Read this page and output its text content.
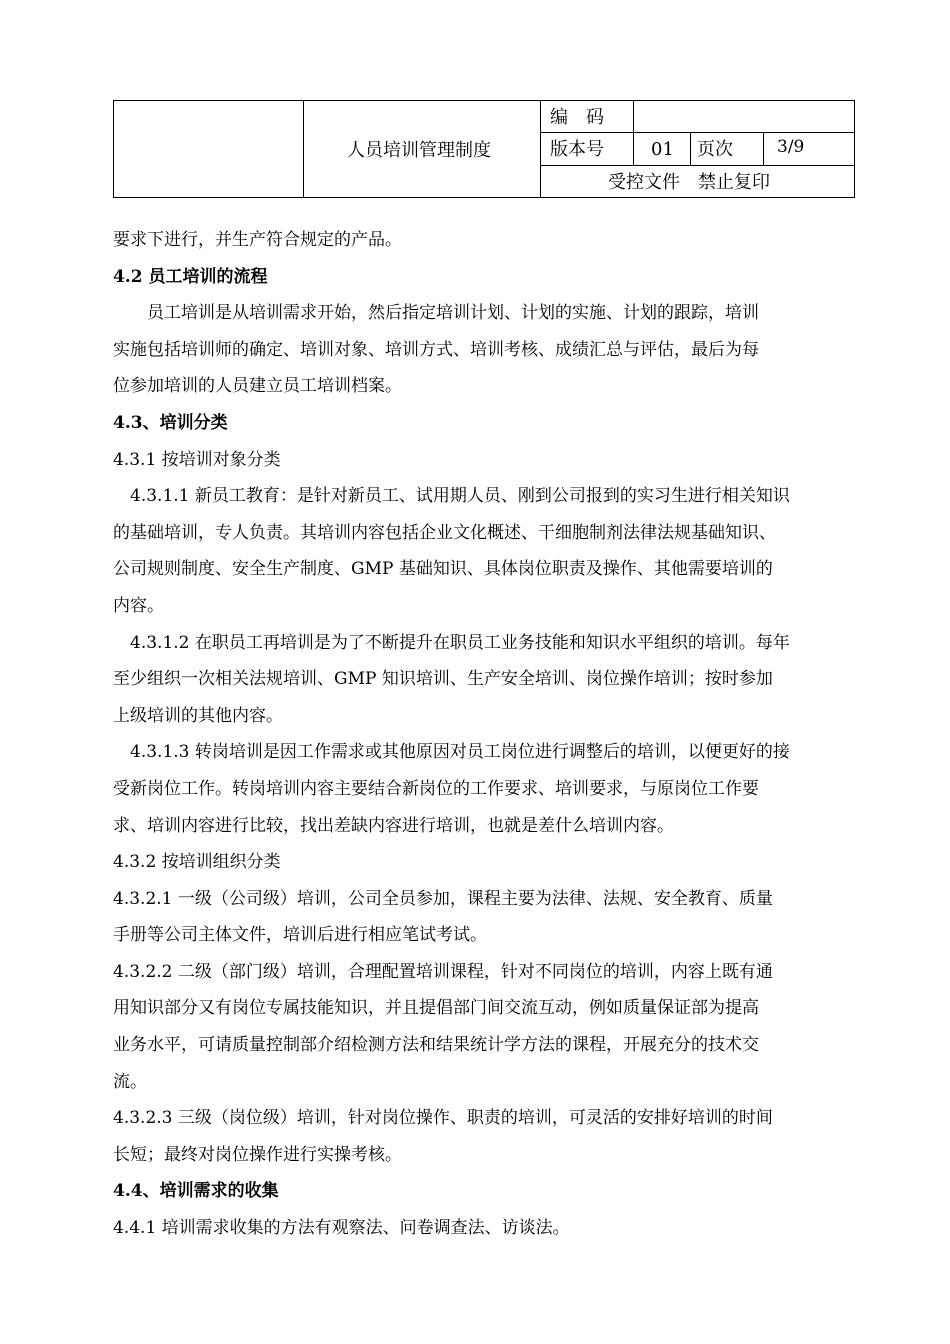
人员培训管理制度
编　码
版本号	01 页次	3/9
受控文件　禁止复印
要求下进行，并生产符合规定的产品。
4.2 员工培训的流程
　　员工培训是从培训需求开始，然后指定培训计划、计划的实施、计划的跟踪，培训
实施包括培训师的确定、培训对象、培训方式、培训考核、成绩汇总与评估，最后为每
位参加培训的人员建立员工培训档案。
4.3、培训分类
4.3.1 按培训对象分类
　4.3.1.1 新员工教育：是针对新员工、试用期人员、刚到公司报到的实习生进行相关知识
的基础培训，专人负责。其培训内容包括企业文化概述、干细胞制剂法律法规基础知识、
公司规则制度、安全生产制度、GMP 基础知识、具体岗位职责及操作、其他需要培训的
内容。
　4.3.1.2 在职员工再培训是为了不断提升在职员工业务技能和知识水平组织的培训。每年
至少组织一次相关法规培训、GMP 知识培训、生产安全培训、岗位操作培训；按时参加
上级培训的其他内容。
　4.3.1.3 转岗培训是因工作需求或其他原因对员工岗位进行调整后的培训，以便更好的接
受新岗位工作。转岗培训内容主要结合新岗位的工作要求、培训要求，与原岗位工作要
求、培训内容进行比较，找出差缺内容进行培训，也就是差什么培训内容。
4.3.2 按培训组织分类
4.3.2.1 一级（公司级）培训，公司全员参加，课程主要为法律、法规、安全教育、质量
手册等公司主体文件，培训后进行相应笔试考试。
4.3.2.2 二级（部门级）培训，合理配置培训课程，针对不同岗位的培训，内容上既有通
用知识部分又有岗位专属技能知识，并且提倡部门间交流互动，例如质量保证部为提高
业务水平，可请质量控制部介绍检测方法和结果统计学方法的课程，开展充分的技术交
流。
4.3.2.3 三级（岗位级）培训，针对岗位操作、职责的培训，可灵活的安排好培训的时间
长短；最终对岗位操作进行实操考核。
4.4、培训需求的收集
4.4.1 培训需求收集的方法有观察法、问卷调查法、访谈法。
